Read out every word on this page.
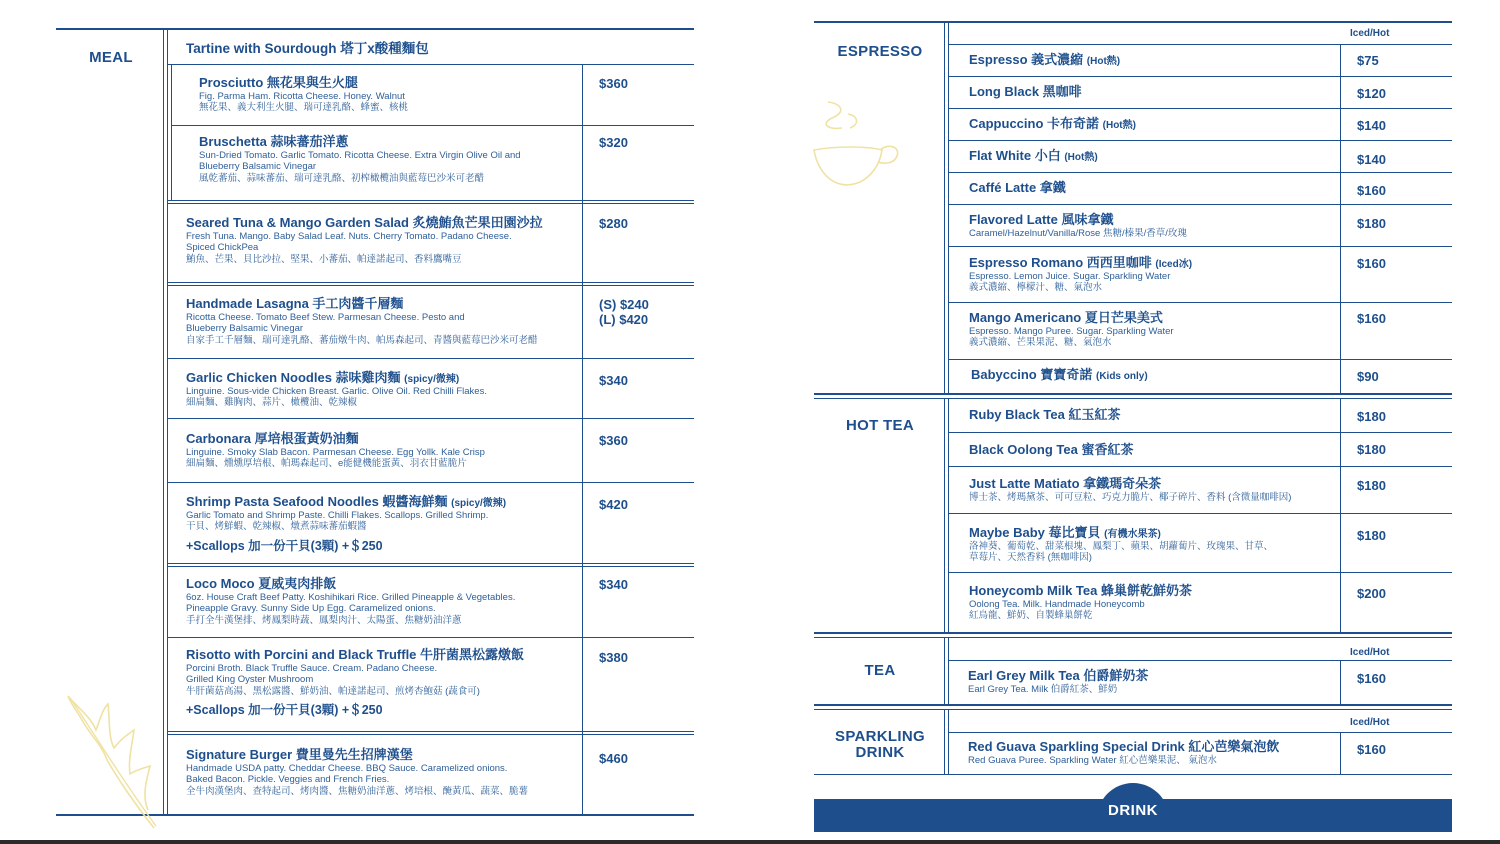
MEAL
Tartine with Sourdough 塔丁x酸種麵包
Prosciutto 無花果與生火腿
Fig. Parma Ham. Ricotta Cheese. Honey. Walnut
無花果、義大利生火腿、瑞可達乳酪、蜂蜜、核桃
$360
Bruschetta 蒜味蕃茄洋蔥
Sun-Dried Tomato. Garlic Tomato. Ricotta Cheese. Extra Virgin Olive Oil and
Blueberry Balsamic Vinegar
風乾蕃茄、蒜味蕃茄、瑞可達乳酪、初榨橄欖油與藍莓巴沙米可老醋
$320
Seared Tuna & Mango Garden Salad 炙燒鮪魚芒果田園沙拉
Fresh Tuna. Mango. Baby Salad Leaf. Nuts. Cherry Tomato. Padano Cheese.
Spiced ChickPea
鮪魚、芒果、貝比沙拉、堅果、小蕃茄、帕達諾起司、香料鷹嘴豆
$280
Handmade Lasagna 手工肉醬千層麵
Ricotta Cheese. Tomato Beef Stew. Parmesan Cheese. Pesto and
Blueberry Balsamic Vinegar
自家手工千層麵、瑞可達乳酪、蕃茄燉牛肉、帕馬森起司、青醬與藍莓巴沙米可老醋
(S) $240
(L) $420
Garlic Chicken Noodles 蒜味雞肉麵 (spicy/微辣)
Linguine. Sous-vide Chicken Breast. Garlic. Olive Oil. Red Chilli Flakes.
細扁麵、雞胸肉、蒜片、橄欖油、乾辣椒
$340
Carbonara 厚培根蛋黃奶油麵
Linguine. Smoky Slab Bacon. Parmesan Cheese. Egg Yollk. Kale Crisp
細扁麵、燻燻厚培根、帕瑪森起司、e能健機能蛋黃、羽衣甘藍脆片
$360
Shrimp Pasta Seafood Noodles 蝦醬海鮮麵 (spicy/微辣)
Garlic Tomato and Shrimp Paste. Chilli Flakes. Scallops. Grilled Shrimp.
干貝、烤鮮蝦、乾辣椒、燉煮蒜味蕃茄蝦醬
+Scallops 加一份干貝(3顆) +＄250
$420
Loco Moco 夏威夷肉排飯
6oz. House Craft Beef Patty. Koshihikari Rice. Grilled Pineapple & Vegetables.
Pineapple Gravy. Sunny Side Up Egg. Caramelized onions.
手打全牛漢堡排、烤鳳梨時蔬、鳳梨肉汁、太陽蛋、焦糖奶油洋蔥
$340
Risotto with Porcini and Black Truffle 牛肝菌黑松露燉飯
Porcini Broth. Black Truffle Sauce. Cream. Padano Cheese.
Grilled King Oyster Mushroom
牛肝菌菇高湯、黑松露醬、鮮奶油、帕達諾起司、煎烤杏鮑菇 (蔬食可)
+Scallops 加一份干貝(3顆) +＄250
$380
Signature Burger 費里曼先生招牌漢堡
Handmade USDA patty. Cheddar Cheese. BBQ Sauce. Caramelized onions.
Baked Bacon. Pickle. Veggies and French Fries.
全牛肉漢堡肉、查特起司、烤肉醬、焦糖奶油洋蔥、烤培根、醃黃瓜、蔬菜、脆薯
$460
ESPRESSO
Iced/Hot
Espresso 義式濃縮 (Hot熱)	$75
Long Black 黑咖啡	$120
Cappuccino 卡布奇諾 (Hot熱)	$140
Flat White 小白 (Hot熱)	$140
Caffé Latte 拿鐵	$160
Flavored Latte 風味拿鐵
Caramel/Hazelnut/Vanilla/Rose 焦糖/榛果/香草/玫瑰
$180
Espresso Romano 西西里咖啡 (Iced冰)
Espresso. Lemon Juice. Sugar. Sparkling Water
義式濃縮、檸檬汁、糖、氣泡水
$160
Mango Americano 夏日芒果美式
Espresso. Mango Puree. Sugar. Sparkling Water
義式濃縮、芒果果泥、糖、氣泡水
$160
Babyccino 寶寶奇諾 (Kids only)	$90
HOT TEA
Ruby Black Tea 紅玉紅茶	$180
Black Oolong Tea 蜜香紅茶	$180
Just Latte Matiato 拿鐵瑪奇朵茶
博士茶、烤瑪黛茶、可可豆粒、巧克力脆片、椰子碎片、香料 (含微量咖啡因)
$180
Maybe Baby 莓比寶貝 (有機水果茶)
洛神葵、葡萄乾、甜菜根塊、鳳梨丁、蘋果、胡蘿蔔片、玫瑰果、甘草、
草莓片、天然香料 (無咖啡因)
$180
Honeycomb Milk Tea 蜂巢餅乾鮮奶茶
Oolong Tea. Milk. Handmade Honeycomb
紅烏龍、鮮奶、自製蜂巢餅乾
$200
TEA
Iced/Hot
Earl Grey Milk Tea 伯爵鮮奶茶
Earl Grey Tea. Milk 伯爵紅茶、鮮奶
$160
SPARKLING
DRINK
Iced/Hot
Red Guava Sparkling Special Drink 紅心芭樂氣泡飲
Red Guava Puree. Sparkling Water 紅心芭樂果泥、 氣泡水
$160
DRINK
